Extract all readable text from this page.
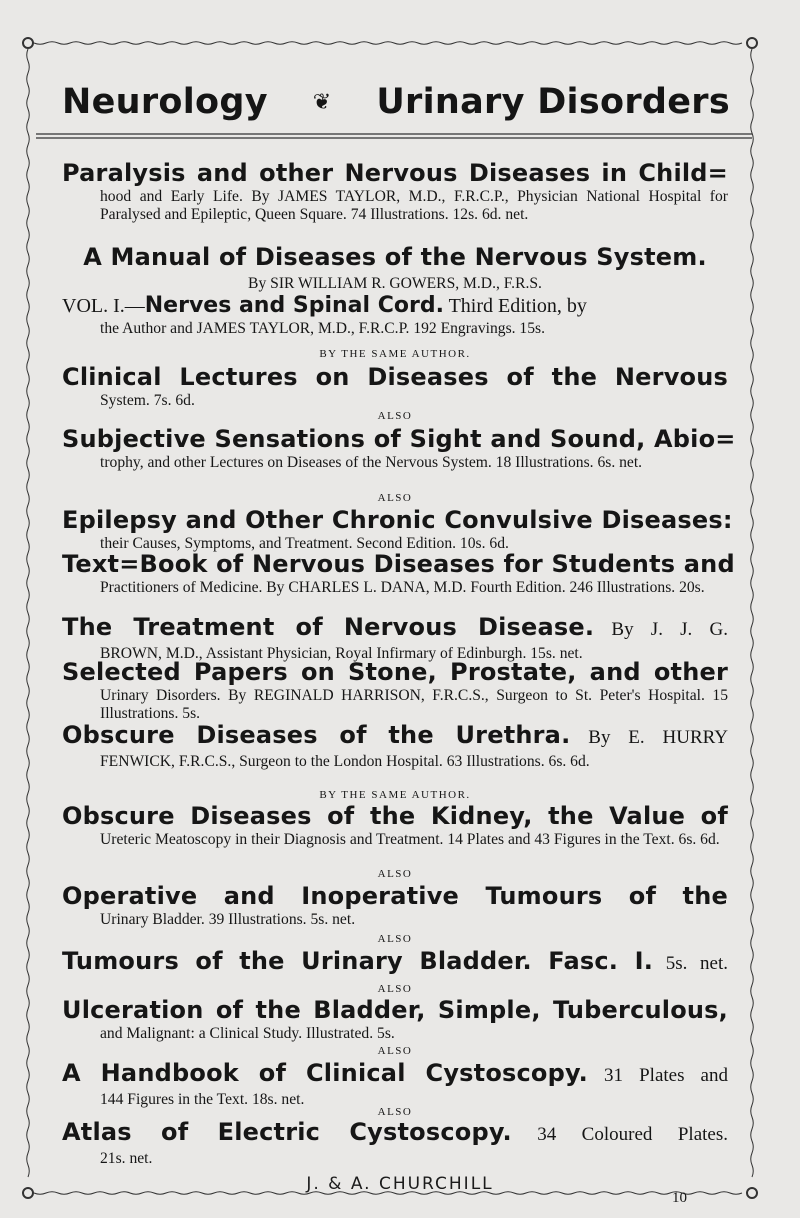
Neurology ❦ Urinary Disorders
Paralysis and other Nervous Diseases in Child=
hood and Early Life. By JAMES TAYLOR, M.D., F.R.C.P., Physician National Hospital for Paralysed and Epileptic, Queen Square. 74 Illustrations. 12s. 6d. net.
A Manual of Diseases of the Nervous System.
By SIR WILLIAM R. GOWERS, M.D., F.R.S.
VOL. I.—Nerves and Spinal Cord. Third Edition, by
the Author and JAMES TAYLOR, M.D., F.R.C.P. 192 Engravings. 15s.
BY THE SAME AUTHOR.
Clinical Lectures on Diseases of the Nervous
System. 7s. 6d.
ALSO
Subjective Sensations of Sight and Sound, Abio=
trophy, and other Lectures on Diseases of the Nervous System. 18 Illustrations. 6s. net.
ALSO
Epilepsy and Other Chronic Convulsive Diseases:
their Causes, Symptoms, and Treatment. Second Edition. 10s. 6d.
Text=Book of Nervous Diseases for Students and
Practitioners of Medicine. By CHARLES L. DANA, M.D. Fourth Edition. 246 Illustrations. 20s.
The Treatment of Nervous Disease. By J. J. G.
BROWN, M.D., Assistant Physician, Royal Infirmary of Edinburgh. 15s. net.
Selected Papers on Stone, Prostate, and other
Urinary Disorders. By REGINALD HARRISON, F.R.C.S., Surgeon to St. Peter's Hospital. 15 Illustrations. 5s.
Obscure Diseases of the Urethra. By E. HURRY
FENWICK, F.R.C.S., Surgeon to the London Hospital. 63 Illustrations. 6s. 6d.
BY THE SAME AUTHOR.
Obscure Diseases of the Kidney, the Value of
Ureteric Meatoscopy in their Diagnosis and Treatment. 14 Plates and 43 Figures in the Text. 6s. 6d.
ALSO
Operative and Inoperative Tumours of the
Urinary Bladder. 39 Illustrations. 5s. net.
ALSO
Tumours of the Urinary Bladder. Fasc. I. 5s. net.
ALSO
Ulceration of the Bladder, Simple, Tuberculous,
and Malignant: a Clinical Study. Illustrated. 5s.
ALSO
A Handbook of Clinical Cystoscopy. 31 Plates and
144 Figures in the Text. 18s. net.
ALSO
Atlas of Electric Cystoscopy. 34 Coloured Plates.
21s. net.
J. & A. CHURCHILL
10
